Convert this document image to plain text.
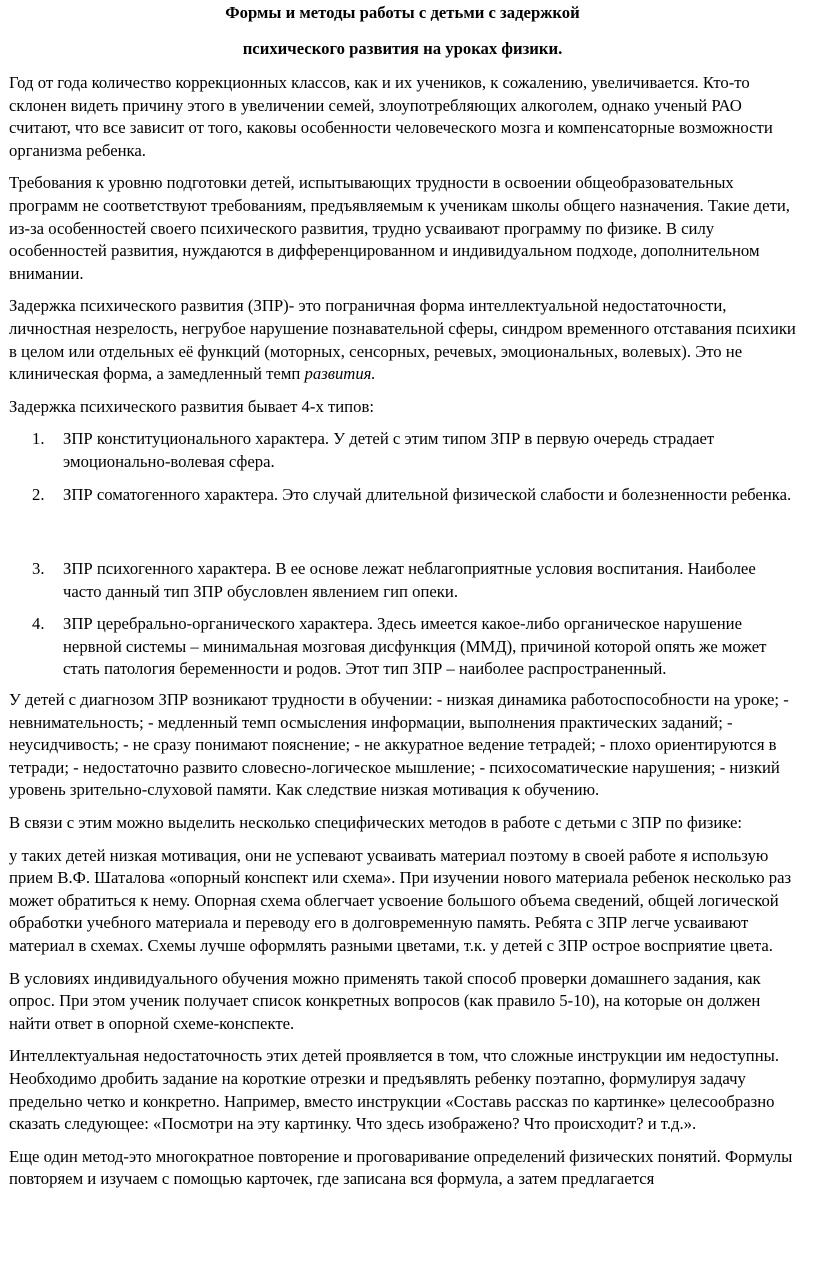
Формы и методы работы с детьми с задержкой
психического развития на уроках физики.

Год от года количество коррекционных классов, как и их учеников, к сожалению, увеличивается. Кто-то склонен видеть причину этого в увеличении семей, злоупотребляющих алкоголем, однако ученый РАО считают, что все зависит от того, каковы особенности человеческого мозга и компенсаторные возможности организма ребенка.

Требования к уровню подготовки детей, испытывающих трудности в освоении общеобразовательных программ не соответствуют требованиям, предъявляемым к ученикам школы общего назначения. Такие дети, из-за особенностей своего психического развития, трудно усваивают программу по физике. В силу особенностей развития, нуждаются в дифференцированном и индивидуальном подходе, дополнительном внимании.

Задержка психического развития (ЗПР)- это пограничная форма интеллектуальной недостаточности, личностная незрелость, негрубое нарушение познавательной сферы, синдром временного отставания психики в целом или отдельных её функций (моторных, сенсорных, речевых, эмоциональных, волевых). Это не клиническая форма, а замедленный темп развития.

Задержка психического развития бывает 4-х типов:

1. ЗПР конституционального характера. У детей с этим типом ЗПР в первую очередь страдает эмоционально-волевая сфера.
2. ЗПР соматогенного характера. Это случай длительной физической слабости и болезненности ребенка.
3. ЗПР психогенного характера. В ее основе лежат неблагоприятные условия воспитания. Наиболее часто данный тип ЗПР обусловлен явлением гип опеки.
4. ЗПР церебрально-органического характера. Здесь имеется какое-либо органическое нарушение нервной системы – минимальная мозговая дисфункция (ММД), причиной которой опять же может стать патология беременности и родов. Этот тип ЗПР – наиболее распространенный.

У детей с диагнозом ЗПР возникают трудности в обучении: - низкая динамика работоспособности на уроке; - невнимательность; - медленный темп осмысления информации, выполнения практических заданий; - неусидчивость; - не сразу понимают пояснение; - не аккуратное ведение тетрадей; - плохо ориентируются в тетради; - недостаточно развито словесно-логическое мышление; - психосоматические нарушения; - низкий уровень зрительно-слуховой памяти. Как следствие низкая мотивация к обучению.

В связи с этим можно выделить несколько специфических методов в работе с детьми с ЗПР по физике:

у таких детей низкая мотивация, они не успевают усваивать материал поэтому в своей работе я использую прием В.Ф. Шаталова «опорный конспект или схема». При изучении нового материала ребенок несколько раз может обратиться к нему. Опорная схема облегчает усвоение большого объема сведений, общей логической обработки учебного материала и переводу его в долговременную память. Ребята с ЗПР легче усваивают материал в схемах. Схемы лучше оформлять разными цветами, т.к. у детей с ЗПР острое восприятие цвета.

В условиях индивидуального обучения можно применять такой способ проверки домашнего задания, как опрос. При этом ученик получает список конкретных вопросов (как правило 5-10), на которые он должен найти ответ в опорной схеме-конспекте.

Интеллектуальная недостаточность этих детей проявляется в том, что сложные инструкции им недоступны. Необходимо дробить задание на короткие отрезки и предъявлять ребенку поэтапно, формулируя задачу предельно четко и конкретно. Например, вместо инструкции «Составь рассказ по картинке» целесообразно сказать следующее: «Посмотри на эту картинку. Что здесь изображено? Что происходит? и т.д.».

Еще один метод-это многократное повторение и проговаривание определений физических понятий. Формулы повторяем и изучаем с помощью карточек, где записана вся формула, а затем предлагается
